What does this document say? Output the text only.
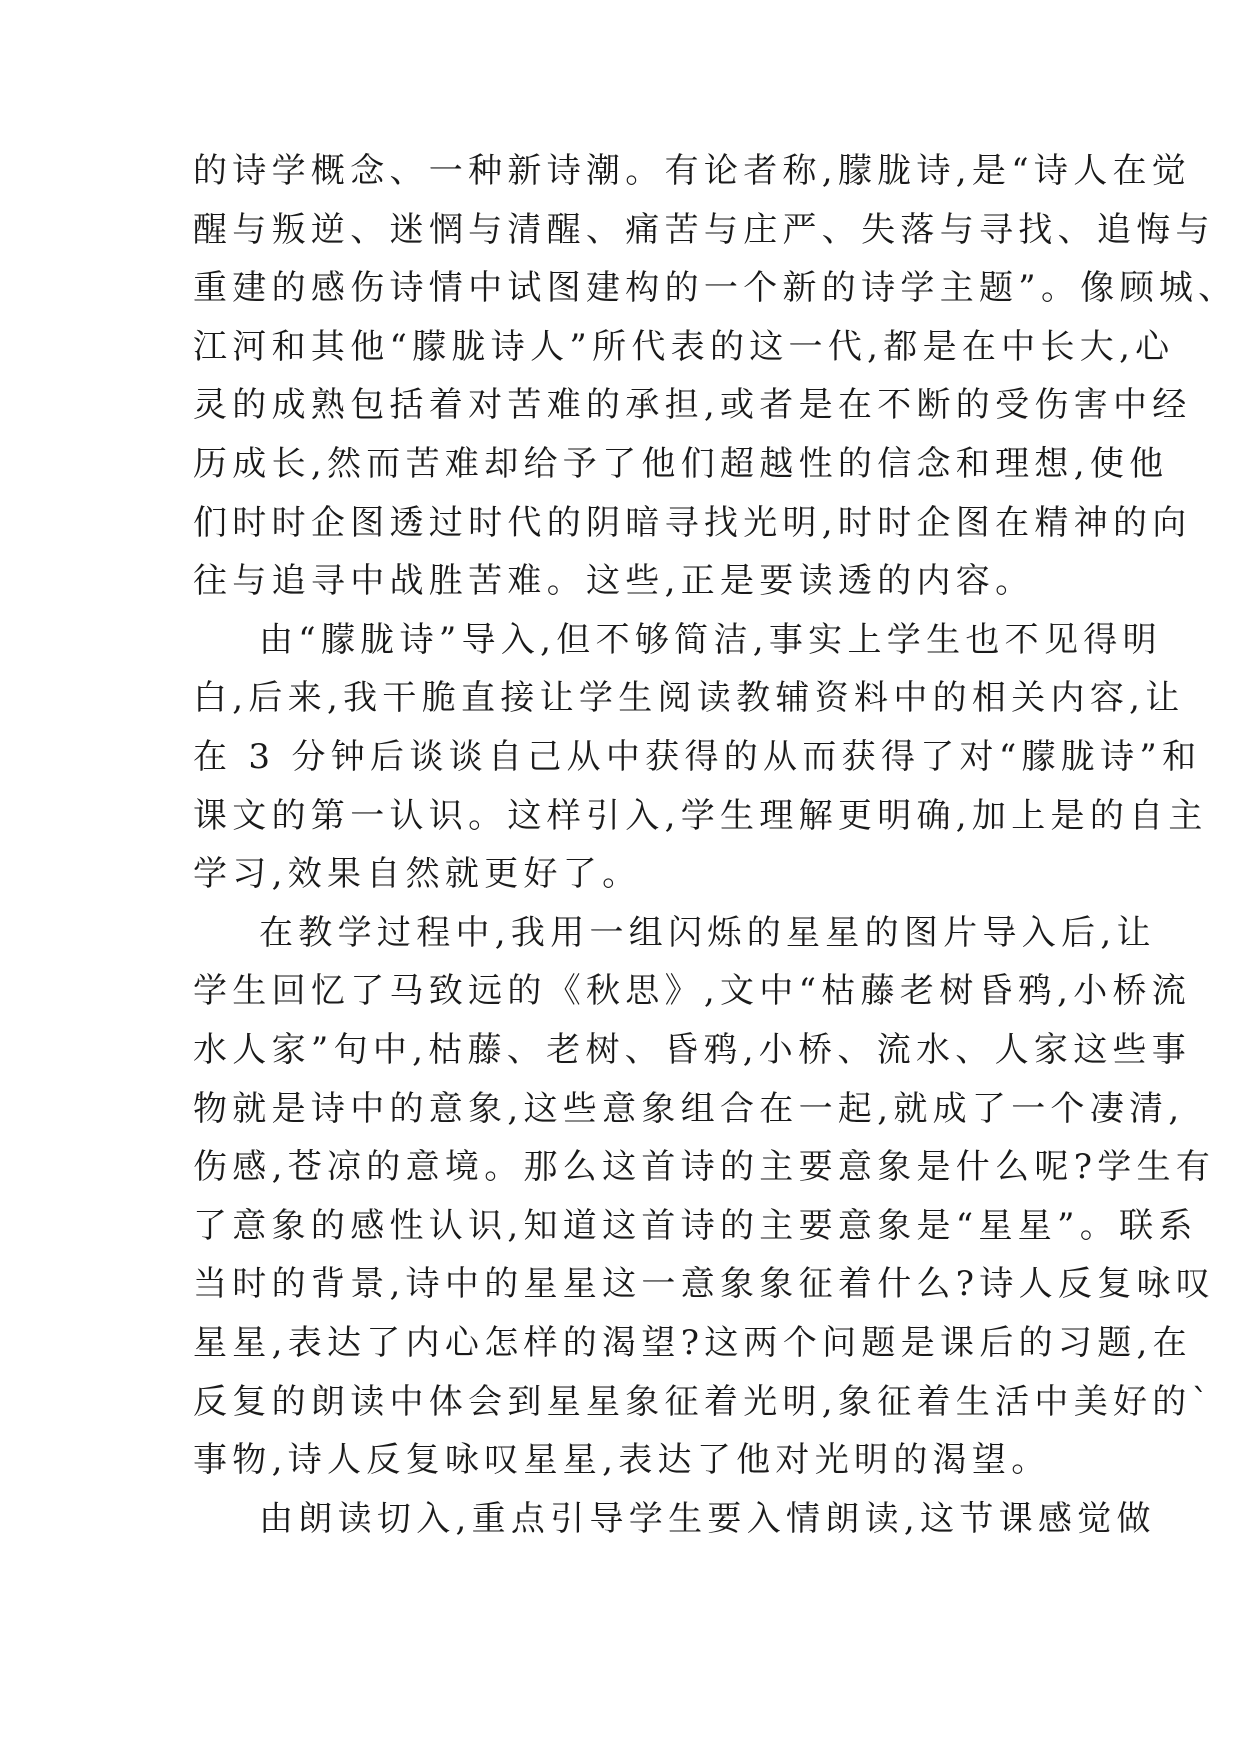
的诗学概念、一种新诗潮。有论者称,朦胧诗,是“诗人在觉
醒与叛逆、迷惘与清醒、痛苦与庄严、失落与寻找、追悔与
重建的感伤诗情中试图建构的一个新的诗学主题”。像顾城、
江河和其他“朦胧诗人”所代表的这一代,都是在中长大,心
灵的成熟包括着对苦难的承担,或者是在不断的受伤害中经
历成长,然而苦难却给予了他们超越性的信念和理想,使他
们时时企图透过时代的阴暗寻找光明,时时企图在精神的向
往与追寻中战胜苦难。这些,正是要读透的内容。
由“朦胧诗”导入,但不够简洁,事实上学生也不见得明
白,后来,我干脆直接让学生阅读教辅资料中的相关内容,让
在 3 分钟后谈谈自己从中获得的从而获得了对“朦胧诗”和
课文的第一认识。这样引入,学生理解更明确,加上是的自主
学习,效果自然就更好了。
在教学过程中,我用一组闪烁的星星的图片导入后,让
学生回忆了马致远的《秋思》,文中“枯藤老树昏鸦,小桥流
水人家”句中,枯藤、老树、昏鸦,小桥、流水、人家这些事
物就是诗中的意象,这些意象组合在一起,就成了一个凄清,
伤感,苍凉的意境。那么这首诗的主要意象是什么呢?学生有
了意象的感性认识,知道这首诗的主要意象是“星星”。联系
当时的背景,诗中的星星这一意象象征着什么?诗人反复咏叹
星星,表达了内心怎样的渴望?这两个问题是课后的习题,在
反复的朗读中体会到星星象征着光明,象征着生活中美好的`
事物,诗人反复咏叹星星,表达了他对光明的渴望。
由朗读切入,重点引导学生要入情朗读,这节课感觉做
